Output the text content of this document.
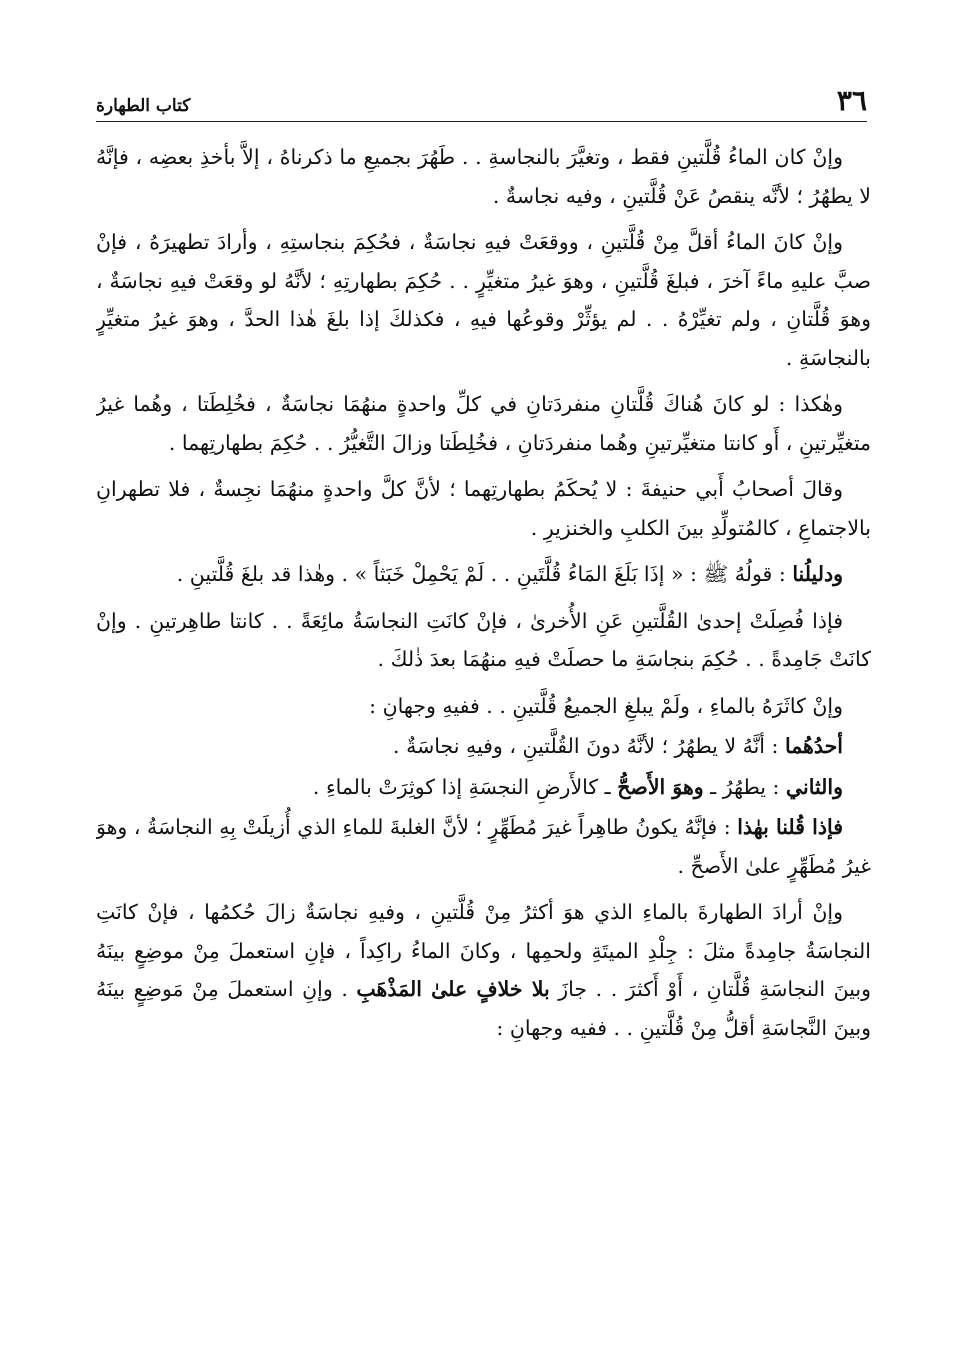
٣٦
كتاب الطهارة

وإنْ كان الماءُ قُلَّتينِ فقط ، وتغيَّرَ بالنجاسةِ . . طَهُرَ بجميعِ ما ذكرناهُ ، إلاَّ بأخذِ بعضِه ، فإنَّهُ لا يطهُرُ ؛ لأنَّه ينقصُ عَنْ قُلَّتينِ ، وفيه نجاسةٌ .

وإنْ كانَ الماءُ أقلَّ مِنْ قُلَّتينِ ، ووقعَتْ فيهِ نجاسَةٌ ، فحُكِمَ بنجاستِهِ ، وأرادَ تطهيرَهُ ، فإنْ صبَّ عليهِ ماءً آخرَ ، فبلغَ قُلَّتينِ ، وهوَ غيرُ متغيِّرٍ . . حُكِمَ بطهارتِهِ ؛ لأنَّهُ لو وقعَتْ فيهِ نجاسَةٌ ، وهوَ قُلَّتانِ ، ولم تغيِّرْهُ . . لم يؤثِّرْ وقوعُها فيهِ ، فكذلكَ إذا بلغَ هٰذا الحدَّ ، وهوَ غيرُ متغيِّرٍ بالنجاسَةِ .

وهٰكذا : لو كانَ هُناكَ قُلَّتانِ منفردَتانِ في كلِّ واحدةٍ منهُمَا نجاسَةٌ ، فخُلِطَتا ، وهُما غيرُ متغيِّرتينِ ، أَو كانتا متغيِّرتينِ وهُما منفردَتانِ ، فخُلِطَتا وزالَ التَّغيُّرُ . . حُكِمَ بطهارتِهما .

وقالَ أصحابُ أَبي حنيفةَ : لا يُحكَمُ بطهارتِهما ؛ لأنَّ كلَّ واحدةٍ منهُمَا نجِسةٌ ، فلا تطهرانِ بالاجتماعِ ، كالمُتولِّدِ بينَ الكلبِ والخنزيرِ .

ودليلُنا : قولُهُ ﷺ : « إذَا بَلَغَ المَاءُ قُلَّتَينِ . . لَمْ يَحْمِلْ خَبَثاً » . وهٰذا قد بلغَ قُلَّتينِ .

فإذا فُصِلَتْ إحدىٰ القُلَّتينِ عَنِ الأُخرىٰ ، فإنْ كانَتِ النجاسَةُ مائِعَةً . . كانتا طاهِرتينِ . وإنْ كانَتْ جَامِدةً . . حُكِمَ بنجاسَةِ ما حصلَتْ فيهِ منهُمَا بعدَ ذٰلكَ .

وإنْ كاثَرَهُ بالماءِ ، ولَمْ يبلغِ الجميعُ قُلَّتينِ . . ففيهِ وجهانِ :

أحدُهُما : أنَّهُ لا يطهُرُ ؛ لأنَّهُ دونَ القُلَّتينِ ، وفيهِ نجاسَةٌ .

والثاني : يطهُرُ ـ وهوَ الأَصحُّ ـ كالأَرضِ النجسَةِ إذا كوثِرَتْ بالماءِ .

فإذا قُلنا بهٰذا : فإنَّهُ يكونُ طاهِراً غيرَ مُطَهِّرٍ ؛ لأنَّ الغلبةَ للماءِ الذي أُزيلَتْ بِهِ النجاسَةُ ، وهوَ غيرُ مُطَهِّرٍ علىٰ الأَصحِّ .

وإنْ أرادَ الطهارةَ بالماءِ الذي هوَ أكثرُ مِنْ قُلَّتينِ ، وفيهِ نجاسَةٌ زالَ حُكمُها ، فإنْ كانَتِ النجاسَةُ جامِدةً مثلَ : جِلْدِ الميتَةِ ولحمِها ، وكانَ الماءُ راكِداً ، فإنِ استعملَ مِنْ موضِعٍ بينَهُ وبينَ النجاسَةِ قُلَّتانِ ، أَوْ أَكثرَ . . جازَ بلا خلافٍ علىٰ المَذْهَبِ . وإنِ استعملَ مِنْ مَوضِعٍ بينَهُ وبينَ النَّجاسَةِ أقلُّ مِنْ قُلَّتينِ . . ففيه وجهانِ :
